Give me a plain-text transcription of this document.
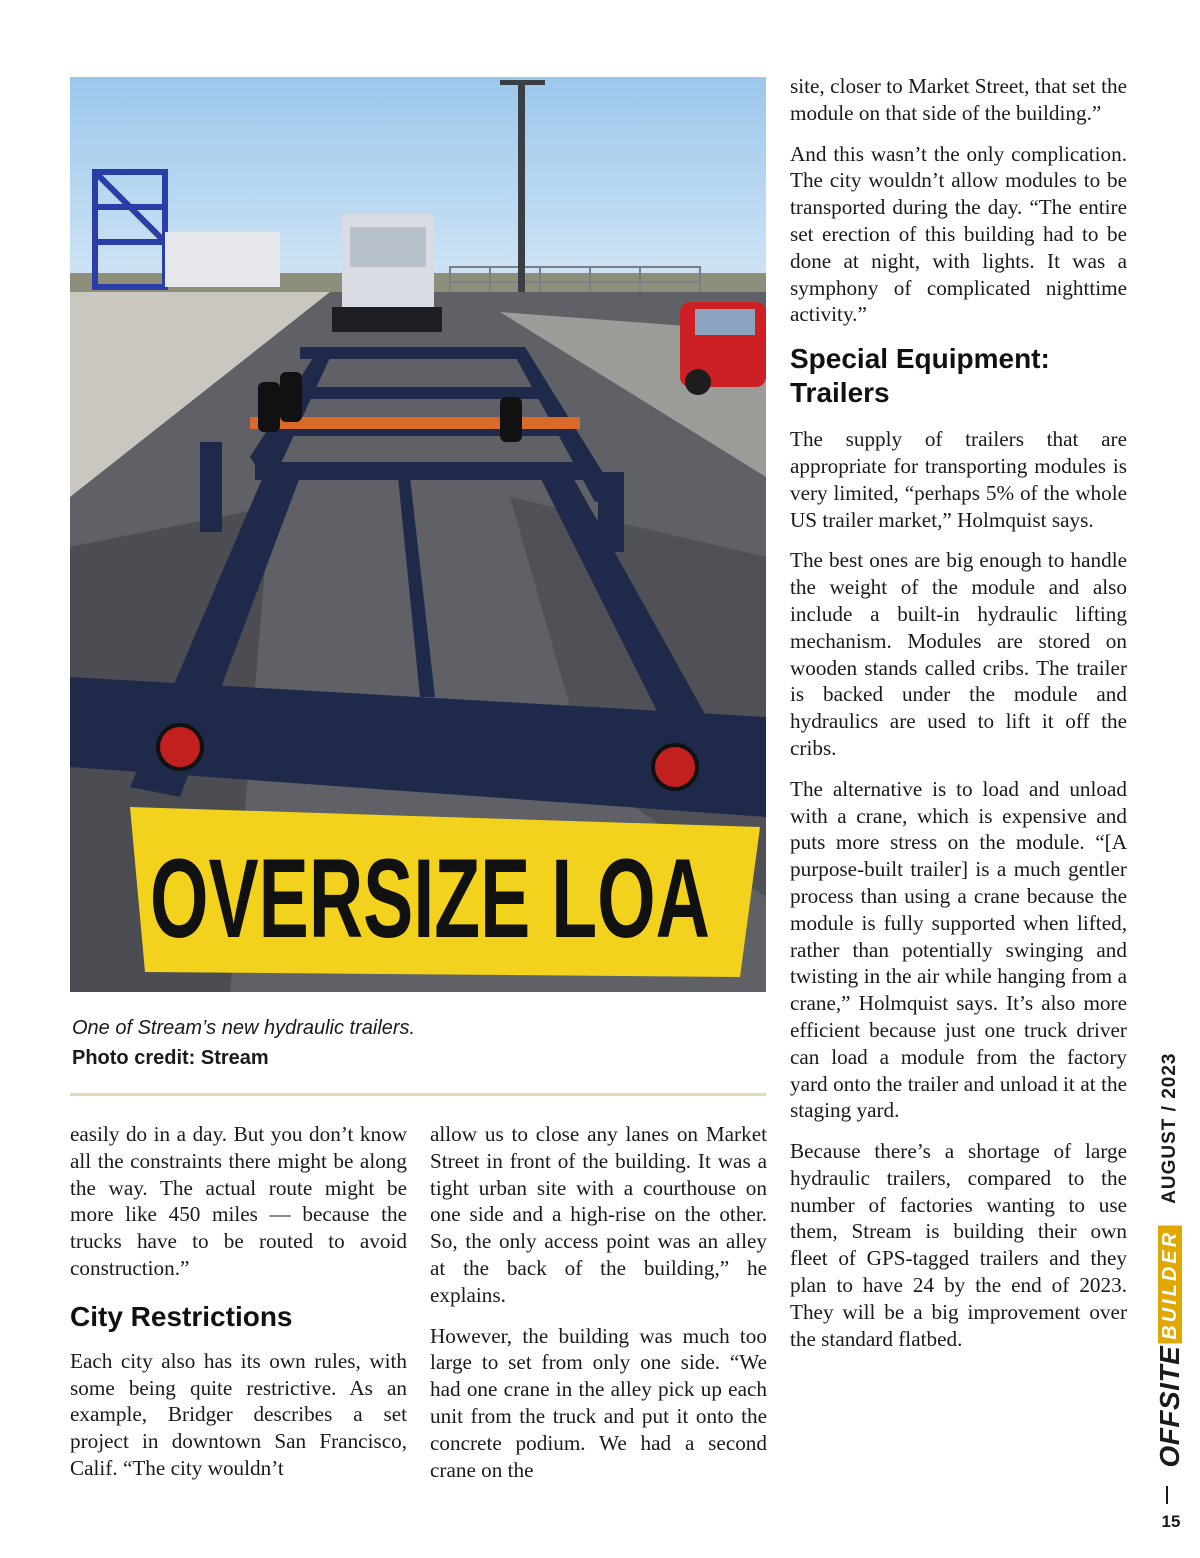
OVERSIZE LOA
One of Stream’s new hydraulic trailers.
Photo credit: Stream

easily do in a day. But you don’t know all the constraints there might be along the way. The actual route might be more like 450 miles — because the trucks have to be routed to avoid construction.”

City Restrictions

Each city also has its own rules, with some being quite restrictive. As an example, Bridger describes a set project in downtown San Francisco, Calif. “The city wouldn’t

allow us to close any lanes on Market Street in front of the building. It was a tight urban site with a courthouse on one side and a high-rise on the other. So, the only access point was an alley at the back of the building,” he explains.

However, the building was much too large to set from only one side. “We had one crane in the alley pick up each unit from the truck and put it onto the concrete podium. We had a second crane on the

site, closer to Market Street, that set the module on that side of the building.”

And this wasn’t the only complication. The city wouldn’t allow modules to be transported during the day. “The entire set erection of this building had to be done at night, with lights. It was a symphony of complicated nighttime activity.”

Special Equipment: Trailers

The supply of trailers that are appropriate for transporting modules is very limited, “perhaps 5% of the whole US trailer market,” Holmquist says.

The best ones are big enough to handle the weight of the module and also include a built-in hydraulic lifting mechanism. Modules are stored on wooden stands called cribs. The trailer is backed under the module and hydraulics are used to lift it off the cribs.

The alternative is to load and unload with a crane, which is expensive and puts more stress on the module. “[A purpose-built trailer] is a much gentler process than using a crane because the module is fully supported when lifted, rather than potentially swinging and twisting in the air while hanging from a crane,” Holmquist says. It’s also more efficient because just one truck driver can load a module from the factory yard onto the trailer and unload it at the staging yard.

Because there’s a shortage of large hydraulic trailers, compared to the number of factories wanting to use them, Stream is building their own fleet of GPS-tagged trailers and they plan to have 24 by the end of 2023. They will be a big improvement over the standard flatbed.

OFFSITE
BUILDER
AUGUST / 2023
15
